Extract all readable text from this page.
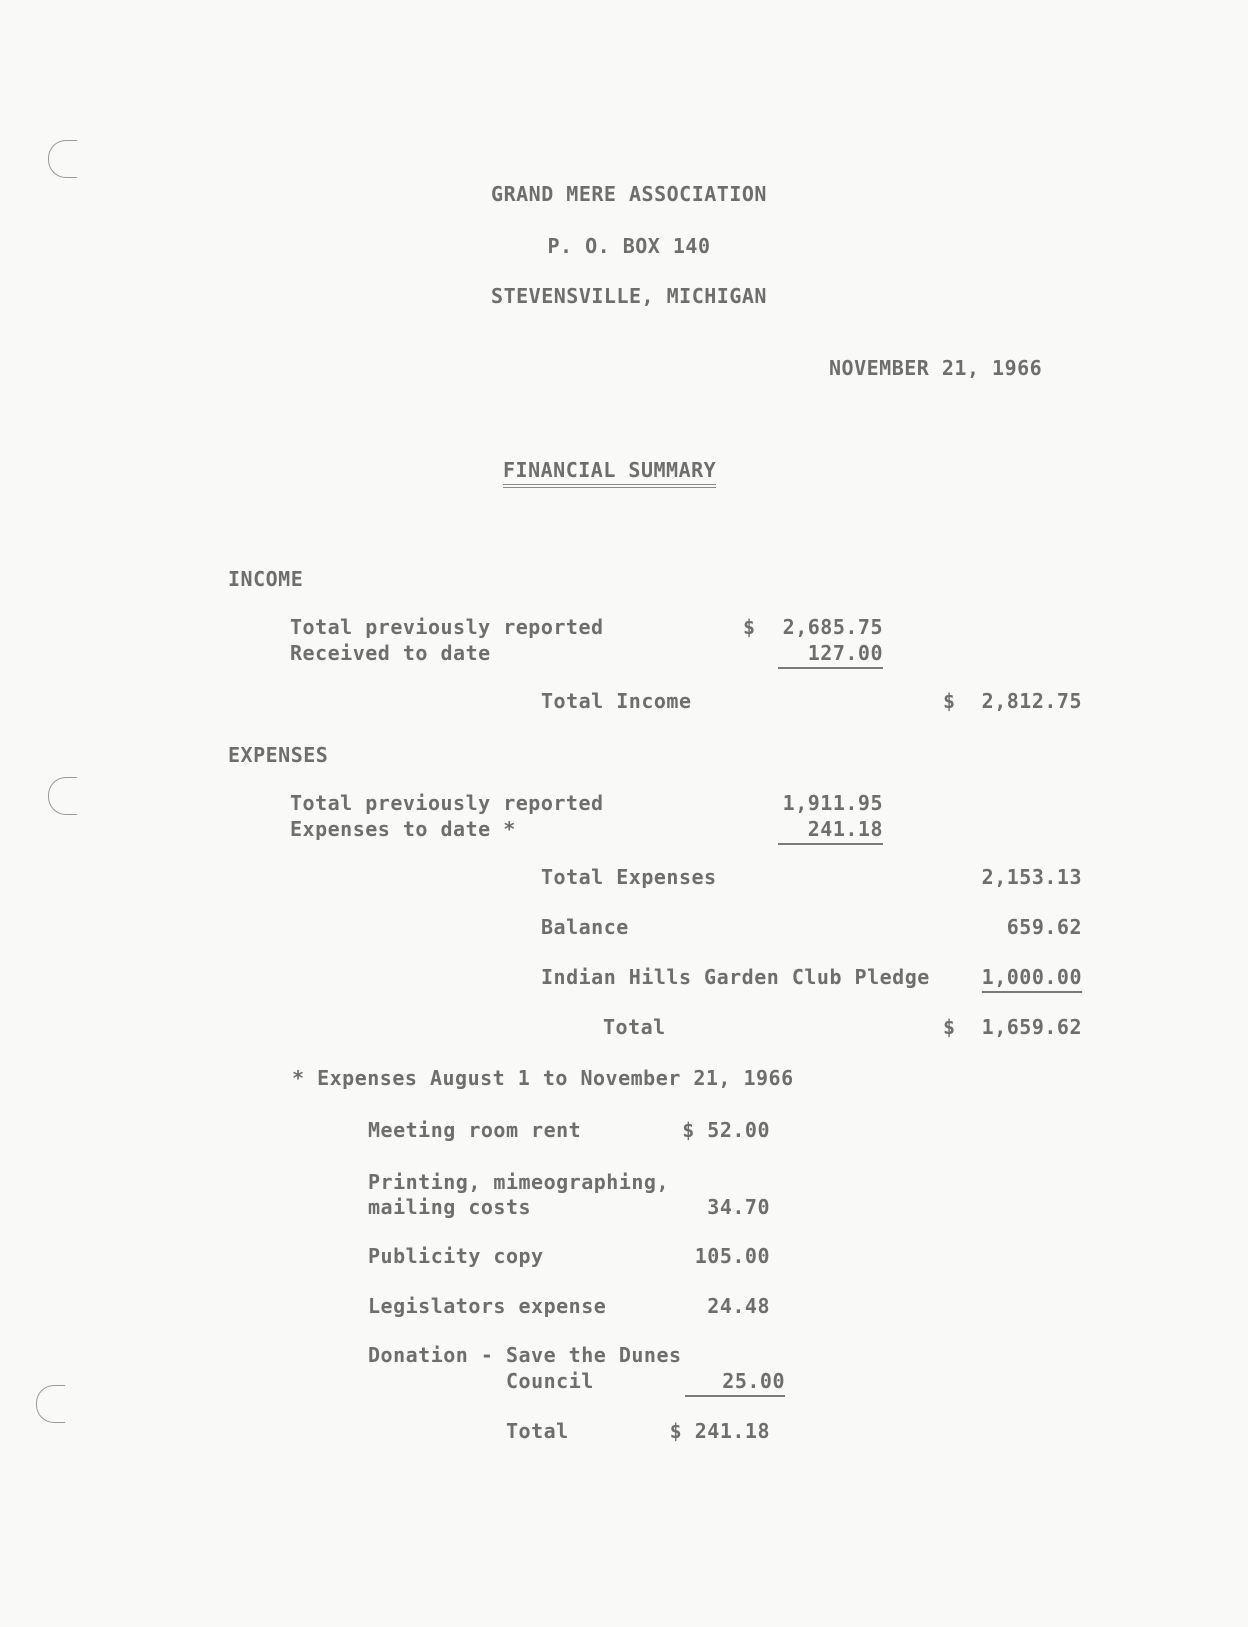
GRAND MERE ASSOCIATION
P. O. BOX 140
STEVENSVILLE, MICHIGAN
NOVEMBER 21, 1966
FINANCIAL SUMMARY
INCOME
Total previously reported	$ 2,685.75
Received to date	127.00
Total Income	$ 2,812.75
EXPENSES
Total previously reported	1,911.95
Expenses to date *	241.18
Total Expenses	2,153.13
Balance	659.62
Indian Hills Garden Club Pledge	1,000.00
Total	$ 1,659.62
* Expenses August 1 to November 21, 1966
Meeting room rent	$ 52.00
Printing, mimeographing,
mailing costs	34.70
Publicity copy	105.00
Legislators expense	24.48
Donation - Save the Dunes
Council	25.00
Total	$ 241.18
